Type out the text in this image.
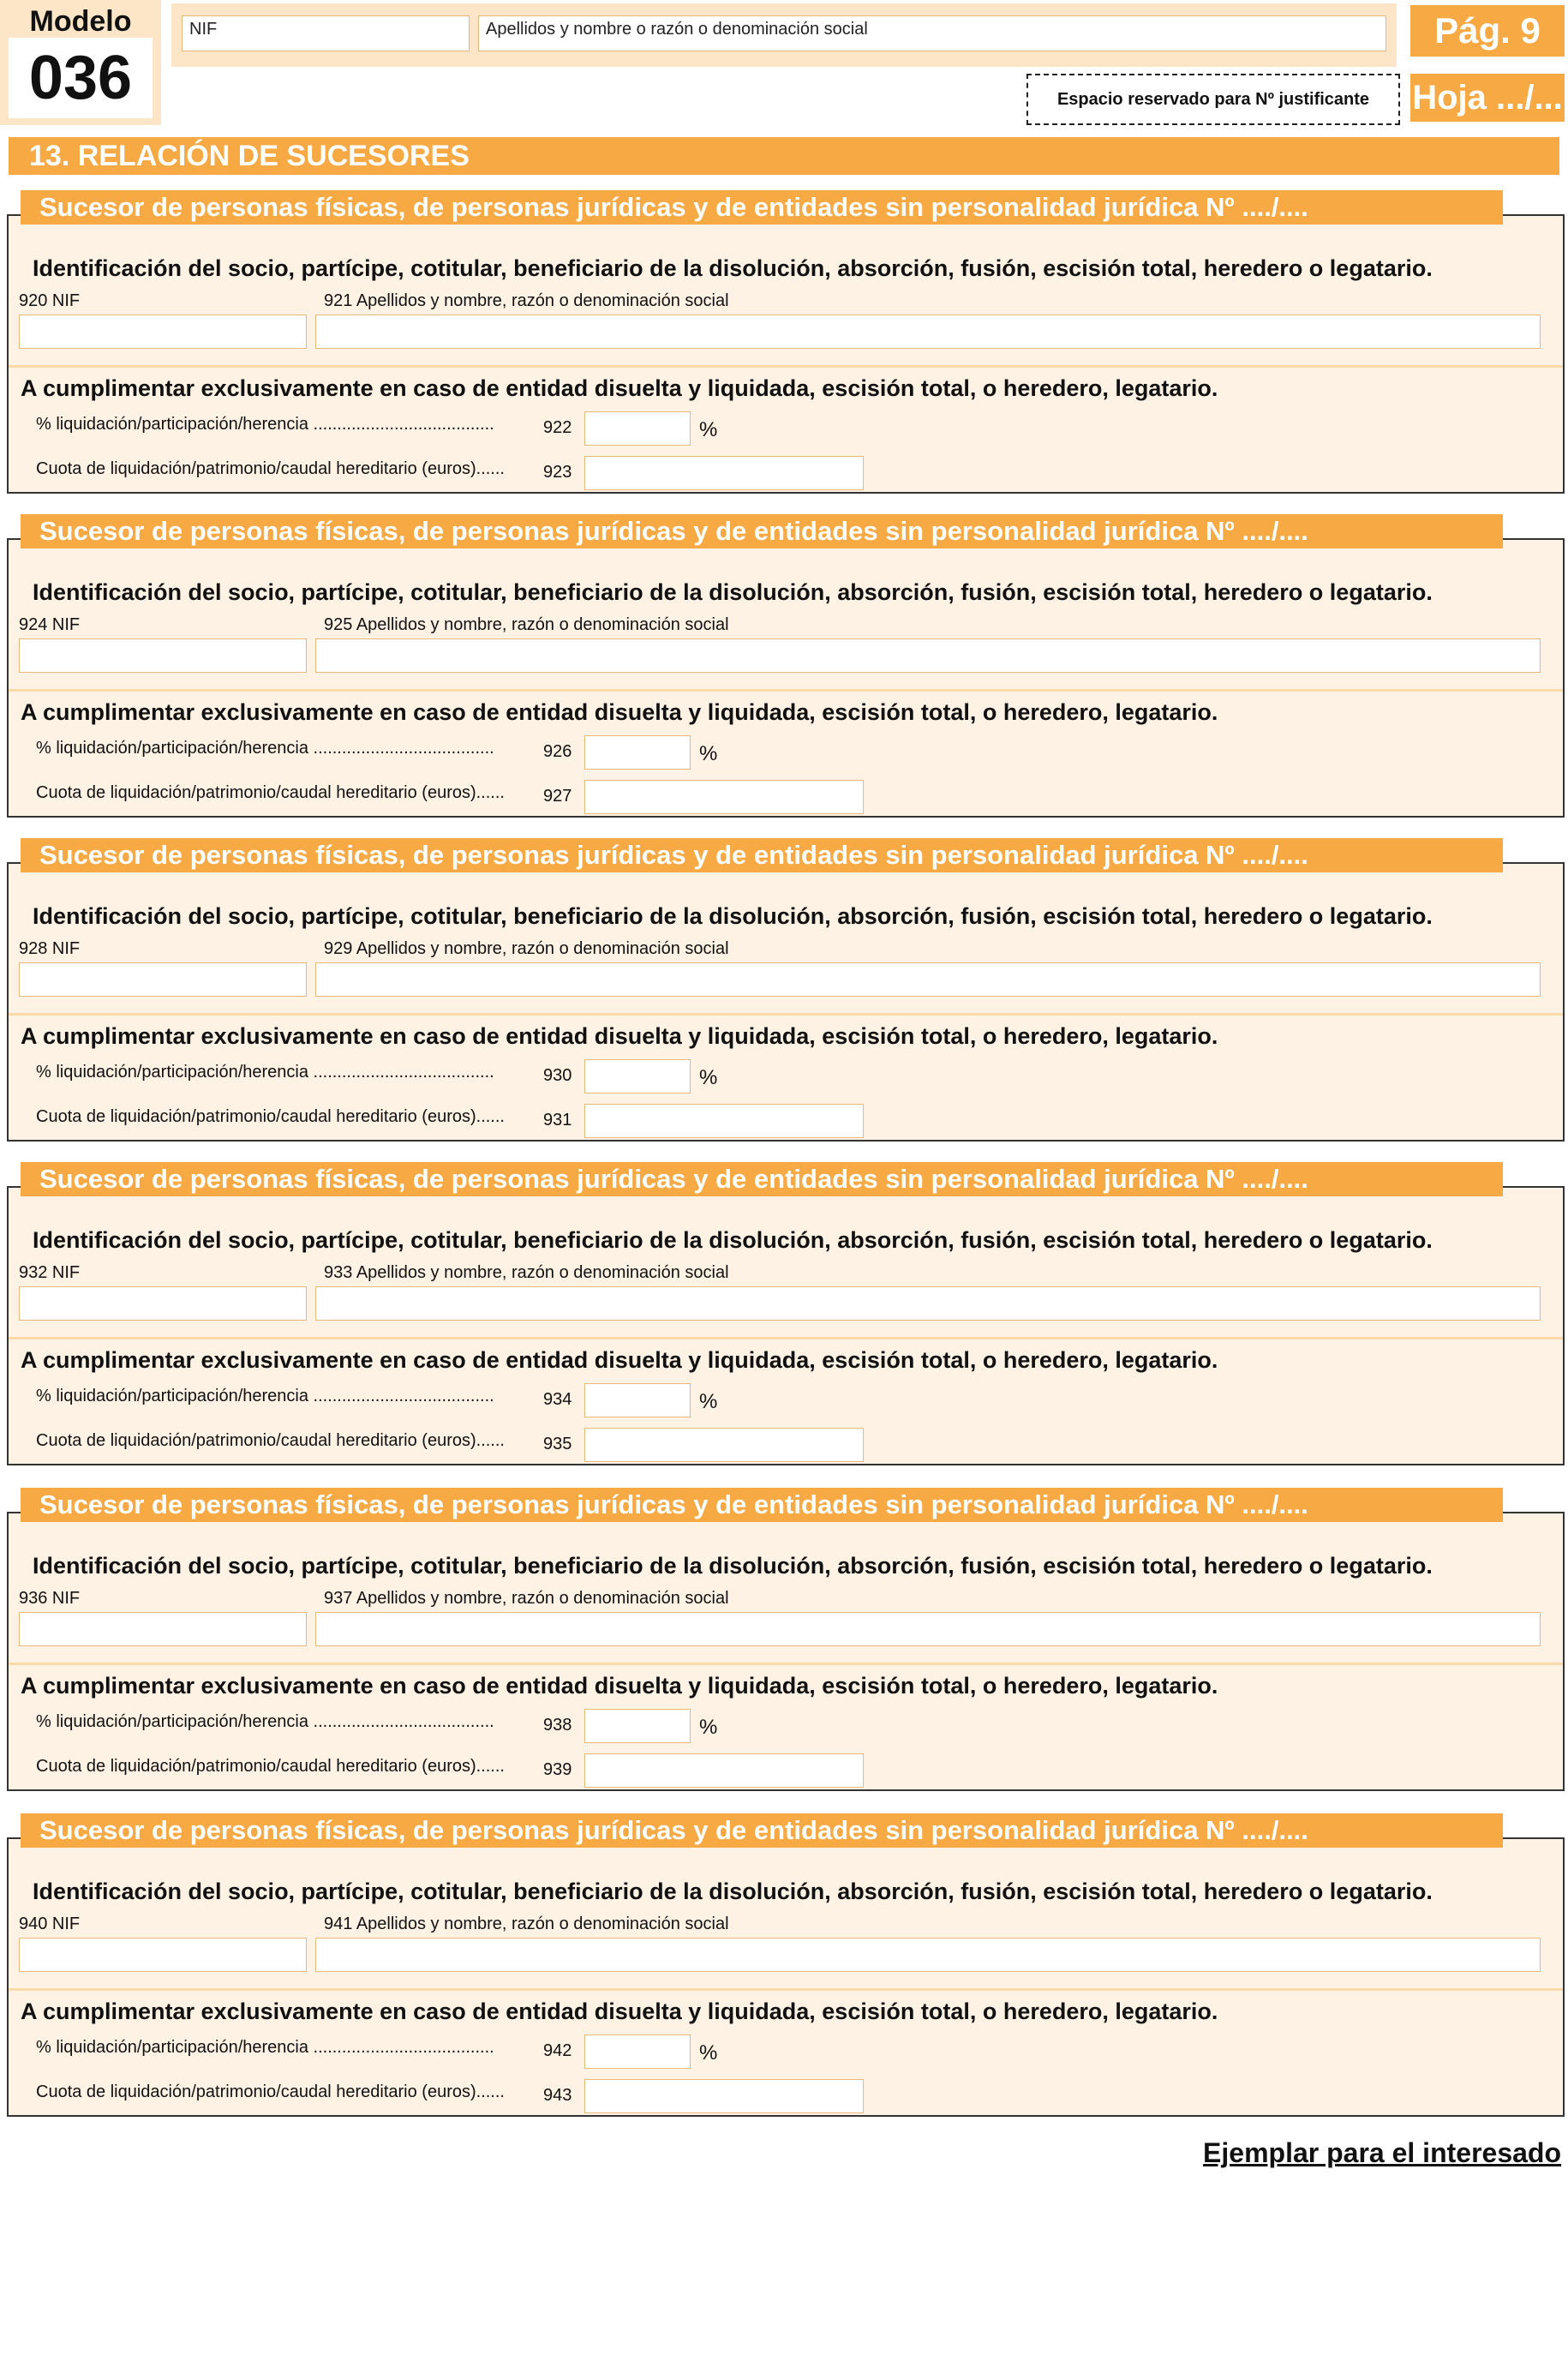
Modelo
036
NIF	Apellidos y nombre o razón o denominación social	Pág. 9
Espacio reservado para Nº justificante	Hoja .../...
13. RELACIÓN DE SUCESORES
Identificación del socio, partícipe, cotitular, beneficiario de la disolución, absorción, fusión, escisión total, heredero o legatario.
920 NIF	921 Apellidos y nombre, razón o denominación social
A cumplimentar exclusivamente en caso de entidad disuelta y liquidada, escisión total, o heredero, legatario.
% liquidación/participación/herencia ......................................	922	%
Cuota de liquidación/patrimonio/caudal hereditario (euros)...... 923
Sucesor de personas físicas, de personas jurídicas y de entidades sin personalidad jurídica Nº ..../....
Identificación del socio, partícipe, cotitular, beneficiario de la disolución, absorción, fusión, escisión total, heredero o legatario.
924 NIF	925 Apellidos y nombre, razón o denominación social
A cumplimentar exclusivamente en caso de entidad disuelta y liquidada, escisión total, o heredero, legatario.
% liquidación/participación/herencia ......................................	926	%
Cuota de liquidación/patrimonio/caudal hereditario (euros)...... 927
Sucesor de personas físicas, de personas jurídicas y de entidades sin personalidad jurídica Nº ..../....
Identificación del socio, partícipe, cotitular, beneficiario de la disolución, absorción, fusión, escisión total, heredero o legatario.
928 NIF	929 Apellidos y nombre, razón o denominación social
A cumplimentar exclusivamente en caso de entidad disuelta y liquidada, escisión total, o heredero, legatario.
% liquidación/participación/herencia ......................................	930	%
Cuota de liquidación/patrimonio/caudal hereditario (euros)...... 931
Sucesor de personas físicas, de personas jurídicas y de entidades sin personalidad jurídica Nº ..../....
Identificación del socio, partícipe, cotitular, beneficiario de la disolución, absorción, fusión, escisión total, heredero o legatario.
932 NIF	933 Apellidos y nombre, razón o denominación social
A cumplimentar exclusivamente en caso de entidad disuelta y liquidada, escisión total, o heredero, legatario.
% liquidación/participación/herencia ......................................	934	%
Cuota de liquidación/patrimonio/caudal hereditario (euros)...... 935
Sucesor de personas físicas, de personas jurídicas y de entidades sin personalidad jurídica Nº ..../....
Identificación del socio, partícipe, cotitular, beneficiario de la disolución, absorción, fusión, escisión total, heredero o legatario.
936 NIF	937 Apellidos y nombre, razón o denominación social
A cumplimentar exclusivamente en caso de entidad disuelta y liquidada, escisión total, o heredero, legatario.
% liquidación/participación/herencia ......................................	938	%
Cuota de liquidación/patrimonio/caudal hereditario (euros)...... 939
Sucesor de personas físicas, de personas jurídicas y de entidades sin personalidad jurídica Nº ..../....
Identificación del socio, partícipe, cotitular, beneficiario de la disolución, absorción, fusión, escisión total, heredero o legatario.
940 NIF	941 Apellidos y nombre, razón o denominación social
A cumplimentar exclusivamente en caso de entidad disuelta y liquidada, escisión total, o heredero, legatario.
% liquidación/participación/herencia ......................................	942	%
Cuota de liquidación/patrimonio/caudal hereditario (euros)...... 943
Sucesor de personas físicas, de personas jurídicas y de entidades sin personalidad jurídica Nº ..../....
Ejemplar para el interesado
